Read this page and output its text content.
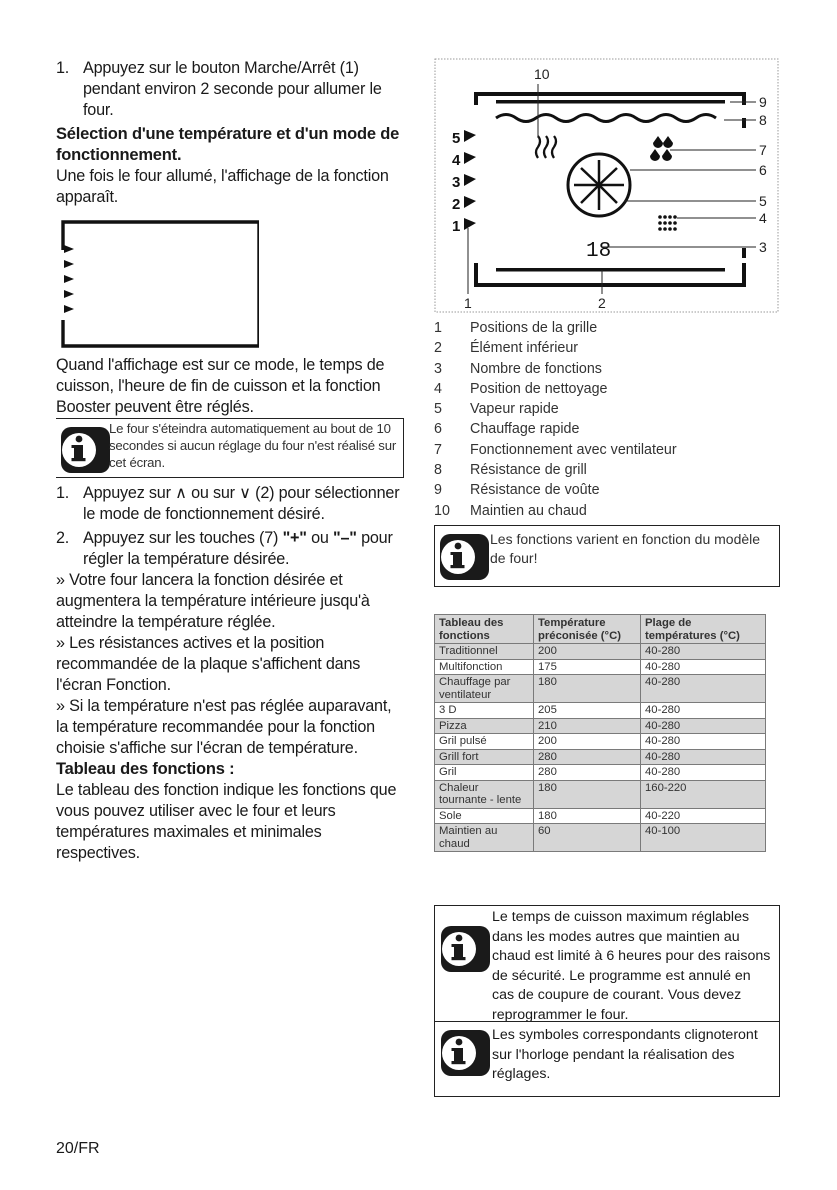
1. Appuyez sur le bouton Marche/Arrêt (1) pendant environ 2 seconde pour allumer le four.
Sélection d'une température et d'un mode de fonctionnement.

Une fois le four allumé, l'affichage de la fonction apparaît.

Quand l'affichage est sur ce mode, le temps de cuisson, l'heure de fin de cuisson et la fonction Booster peuvent être réglés.

Le four s'éteindra automatiquement au bout de 10 secondes si aucun réglage du four n'est réalisé sur cet écran.
1. Appuyez sur ∧ ou sur ∨ (2) pour sélectionner le mode de fonctionnement désiré.
2. Appuyez sur les touches (7) "+" ou "–" pour régler la température désirée.

» Votre four lancera la fonction désirée et augmentera la température intérieure jusqu'à atteindre la température réglée.

» Les résistances actives et la position recommandée de la plaque s'affichent dans l'écran Fonction.

» Si la température n'est pas réglée auparavant, la température recommandée pour la fonction choisie s'affiche sur l'écran de température.

Tableau des fonctions :

Le tableau des fonction indique les fonctions que vous pouvez utiliser avec le four et leurs températures maximales et minimales respectives.

10
5
4
3
2
1
18
9
8
7
6
5
4
3
2
1
1	Positions de la grille
2	Élément inférieur
3	Nombre de fonctions
4	Position de nettoyage
5	Vapeur rapide
6	Chauffage rapide
7	Fonctionnement avec ventilateur
8	Résistance de grill
9	Résistance de voûte
10	Maintien au chaud
Les fonctions varient en fonction du modèle de four!
Tableau des fonctions	Température préconisée (°C)	Plage de températures (°C)
Traditionnel	200	40-280
Multifonction	175	40-280
Chauffage par ventilateur	180	40-280
3 D	205	40-280
Pizza	210	40-280
Gril pulsé	200	40-280
Grill fort	280	40-280
Gril	280	40-280
Chaleur tournante - lente	180	160-220
Sole	180	40-220
Maintien au chaud	60	40-100
Le temps de cuisson maximum réglables dans les modes autres que maintien au chaud est limité à 6 heures pour des raisons de sécurité. Le programme est annulé en cas de coupure de courant. Vous devez reprogrammer le four.
Les symboles correspondants clignoteront sur l'horloge pendant la réalisation des réglages.
20/FR
